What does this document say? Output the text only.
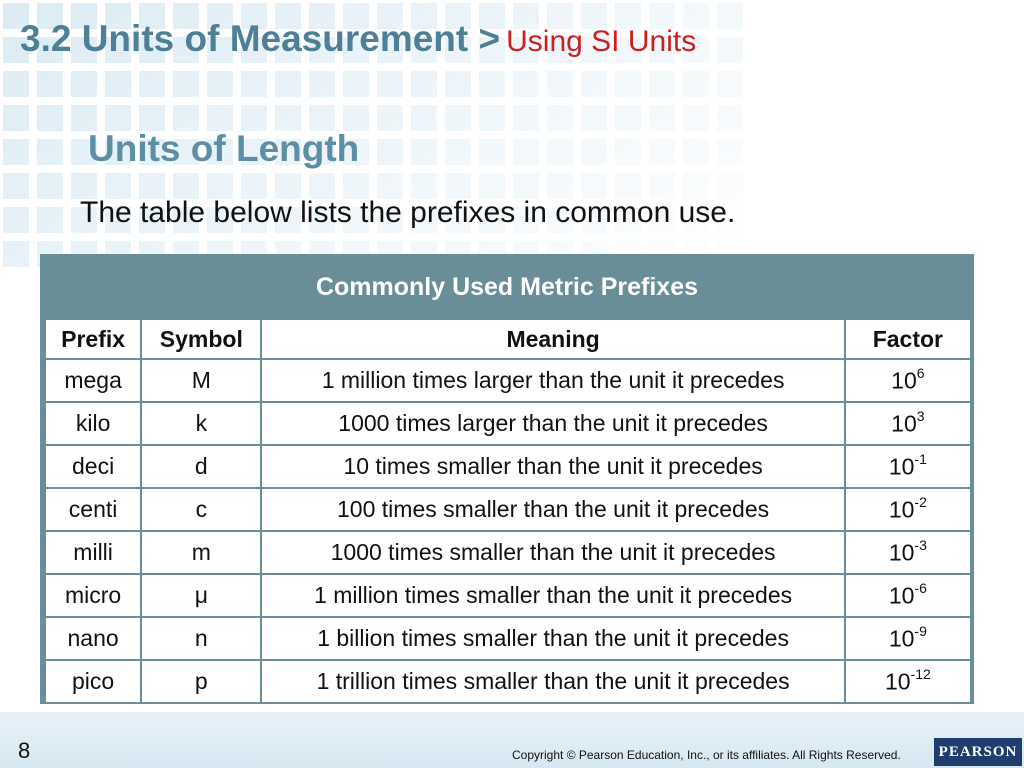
3.2 Units of Measurement > Using SI Units
Units of Length
The table below lists the prefixes in common use.
Commonly Used Metric Prefixes
Prefix	Symbol	Meaning	Factor
mega	M	1 million times larger than the unit it precedes	$10^6$
kilo	k	1000 times larger than the unit it precedes	$10^3$
deci	d	10 times smaller than the unit it precedes	$10^{-1}$
centi	c	100 times smaller than the unit it precedes	$10^{-2}$
milli	m	1000 times smaller than the unit it precedes	$10^{-3}$
micro	μ	1 million times smaller than the unit it precedes	$10^{-6}$
nano	n	1 billion times smaller than the unit it precedes	$10^{-9}$
pico	p	1 trillion times smaller than the unit it precedes	$10^{-12}$
8	Copyright © Pearson Education, Inc., or its affiliates. All Rights Reserved.	PEARSON
